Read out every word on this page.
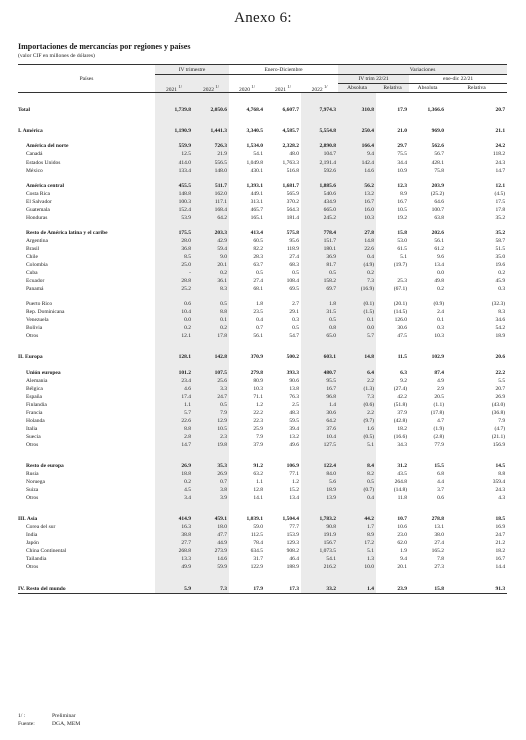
Anexo 6:
Importaciones de mercancías por regiones y países
(valor CIF en millones de dólares)
Países	IV trimestre		Enero-Diciembre			Variaciones			
						IV trim 22/21		ene-dic 22/21	
	2021 $^{1/}$	2022 $^{1/}$	2020 $^{1/}$	2021 $^{1/}$	2022 $^{1/}$	Absoluta	Relativa	Absoluta	Relativa

Total	1,739.8	2,050.6	4,768.4	6,607.7	7,974.3	310.8	17.9	1,366.6	20.7

I. América	1,190.9	1,441.3	3,340.5	4,585.7	5,554.8	250.4	21.0	969.0	21.1

América del norte	559.9	726.3	1,534.0	2,328.2	2,890.8	166.4	29.7	562.6	24.2
Canadá	12.5	21.9	54.1	48.0	104.7	9.4	75.5	56.7	118.2
Estados Unidos	414.0	556.5	1,049.8	1,763.3	2,191.4	142.4	34.4	428.1	24.3
México	133.4	148.0	430.1	516.8	592.6	14.6	10.9	75.8	14.7

América central	455.5	511.7	1,393.1	1,681.7	1,885.6	56.2	12.3	203.9	12.1
Costa Rica	148.8	162.0	449.1	565.9	540.6	13.2	8.9	(25.2)	(4.5)
El Salvador	100.3	117.1	313.1	370.2	434.9	16.7	16.7	64.6	17.5
Guatemala	152.4	168.4	465.7	564.3	665.0	16.0	10.5	100.7	17.8
Honduras	53.9	64.2	165.1	181.4	245.2	10.3	19.2	63.8	35.2

Resto de América latina y el caribe	175.5	203.3	413.4	575.8	778.4	27.8	15.8	202.6	35.2
Argentina	28.0	42.9	60.5	95.6	151.7	14.8	53.0	56.1	58.7
Brasil	36.8	59.4	82.2	118.9	180.1	22.6	61.5	61.2	51.5
Chile	8.5	9.0	28.3	27.4	36.9	0.4	5.1	9.6	35.0
Colombia	25.0	20.1	63.7	68.3	81.7	(4.9)	(19.7)	13.4	19.6
Cuba	-	0.2	0.5	0.5	0.5	0.2		0.0	0.2
Ecuador	28.8	36.1	27.4	108.4	158.2	7.3	25.3	49.8	45.9
Panamá	25.2	8.3	68.1	69.5	69.7	(16.9)	(67.1)	0.2	0.3

Puerto Rico	0.6	0.5	1.8	2.7	1.8	(0.1)	(20.1)	(0.9)	(32.3)
Rep. Dominicana	10.4	8.8	23.5	29.1	31.5	(1.5)	(14.5)	2.4	8.3
Venezuela	0.0	0.1	0.4	0.3	0.5	0.1	126.0	0.1	34.6
Bolivia	0.2	0.2	0.7	0.5	0.8	0.0	30.6	0.3	54.2
Otros	12.1	17.8	56.1	54.7	65.0	5.7	47.5	10.3	18.9

II. Europa	128.1	142.8	370.9	500.2	603.1	14.8	11.5	102.9	20.6

Unión europea	101.2	107.5	279.8	393.3	480.7	6.4	6.3	87.4	22.2
Alemania	23.4	25.6	80.9	90.6	95.5	2.2	9.2	4.9	5.5
Bélgica	4.6	3.3	10.3	13.8	16.7	(1.3)	(27.4)	2.9	20.7
España	17.4	24.7	71.1	76.3	96.8	7.3	42.2	20.5	26.9
Finlandia	1.1	0.5	1.2	2.5	1.4	(0.6)	(51.8)	(1.1)	(43.0)
Francia	5.7	7.9	22.2	48.3	30.6	2.2	37.9	(17.8)	(36.8)
Holanda	22.6	12.9	22.3	59.5	64.2	(9.7)	(42.8)	4.7	7.9
Italia	8.8	10.5	25.9	39.4	37.6	1.6	18.2	(1.9)	(4.7)
Suecia	2.8	2.3	7.9	13.2	10.4	(0.5)	(16.6)	(2.8)	(21.1)
Otros	14.7	19.8	37.9	49.6	127.5	5.1	34.3	77.9	156.9

Resto de europa	26.9	35.3	91.2	106.9	122.4	8.4	31.2	15.5	14.5
Rusia	18.8	26.9	63.2	77.1	84.0	8.2	43.5	6.8	8.8
Noruega	0.2	0.7	1.1	1.2	5.6	0.5	264.8	4.4	359.4
Suiza	4.5	3.8	12.8	15.2	18.9	(0.7)	(14.8)	3.7	24.3
Otros	3.4	3.9	14.1	13.4	13.9	0.4	11.8	0.6	4.3

III. Asia	414.9	459.1	1,039.1	1,504.4	1,783.2	44.2	10.7	278.8	18.5
Corea del sur	16.3	18.0	59.0	77.7	90.8	1.7	10.6	13.1	16.9
India	38.8	47.7	112.5	153.9	191.9	8.9	23.0	38.0	24.7
Japón	27.7	44.9	78.4	129.3	156.7	17.2	62.0	27.4	21.2
China Continental	268.8	273.9	634.5	908.2	1,073.5	5.1	1.9	165.2	18.2
Tailandia	13.3	14.6	31.7	46.4	54.1	1.3	9.4	7.8	16.7
Otros	49.9	59.9	122.9	188.9	216.2	10.0	20.1	27.3	14.4

IV. Resto del mundo	5.9	7.3	17.9	17.3	33.2	1.4	23.9	15.8	91.3
1/ :	Preliminar
Fuente:	DGA, MEM
